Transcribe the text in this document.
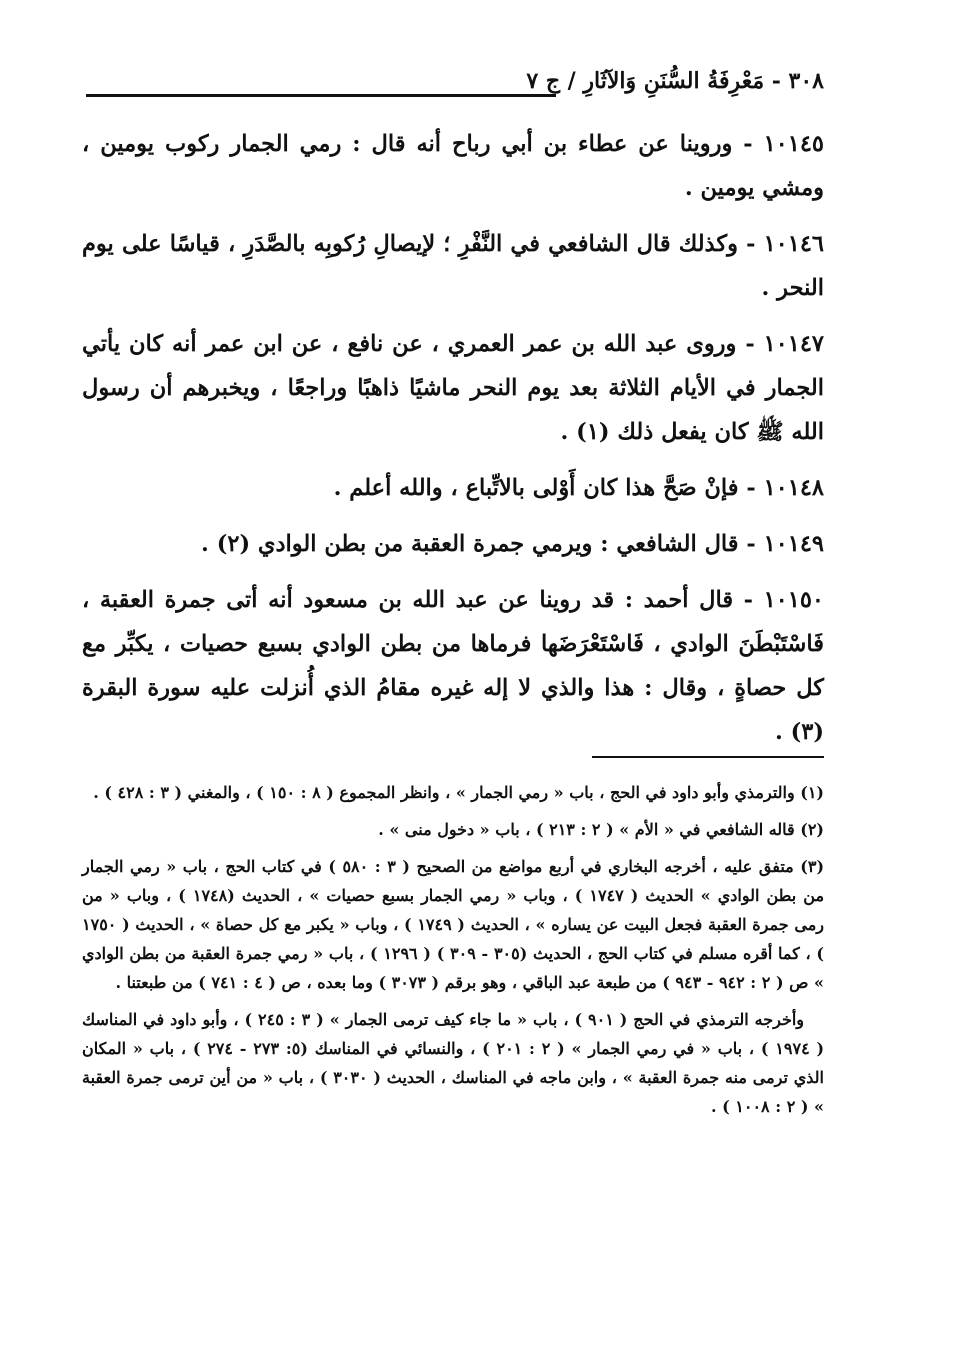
٣٠٨ - مَعْرِفَةُ السُّنَنِ وَالآثَارِ / ج ٧

١٠١٤٥ - وروينا عن عطاء بن أبي رباح أنه قال : رمي الجمار ركوب يومين ، ومشي يومين .

١٠١٤٦ - وكذلك قال الشافعي في النَّفْرِ ؛ لإيصالِ رُكوبِه بالصَّدَرِ ، قياسًا على يوم النحر .

١٠١٤٧ - وروى عبد الله بن عمر العمري ، عن نافع ، عن ابن عمر أنه كان يأتي الجمار في الأيام الثلاثة بعد يوم النحر ماشيًا ذاهبًا وراجعًا ، ويخبرهم أن رسول الله ﷺ كان يفعل ذلك (١) .

١٠١٤٨ - فإنْ صَحَّ هذا كان أَوْلى بالاتِّباع ، والله أعلم .

١٠١٤٩ - قال الشافعي : ويرمي جمرة العقبة من بطن الوادي (٢) .

١٠١٥٠ - قال أحمد : قد روينا عن عبد الله بن مسعود أنه أتى جمرة العقبة ، فَاسْتَبْطَنَ الوادي ، فَاسْتَعْرَضَها فرماها من بطن الوادي بسبع حصيات ، يكبِّر مع كل حصاةٍ ، وقال : هذا والذي لا إله غيره مقامُ الذي أُنزلت عليه سورة البقرة (٣) .

(١) والترمذي وأبو داود في الحج ، باب « رمي الجمار » ، وانظر المجموع ( ٨ : ١٥٠ ) ، والمغني ( ٣ : ٤٢٨ ) .

(٢) قاله الشافعي في « الأم » ( ٢ : ٢١٣ ) ، باب « دخول منى » .

(٣) متفق عليه ، أخرجه البخاري في أربع مواضع من الصحيح ( ٣ : ٥٨٠ ) في كتاب الحج ، باب « رمي الجمار من بطن الوادي » الحديث ( ١٧٤٧ ) ، وباب « رمي الجمار بسبع حصيات » ، الحديث (١٧٤٨ ) ، وباب « من رمى جمرة العقبة فجعل البيت عن يساره » ، الحديث ( ١٧٤٩ ) ، وباب « يكبر مع كل حصاة » ، الحديث ( ١٧٥٠ ) ، كما أقره مسلم في كتاب الحج ، الحديث (٣٠٥ - ٣٠٩ ) ( ١٢٩٦ ) ، باب « رمي جمرة العقبة من بطن الوادي » ص ( ٢ : ٩٤٢ - ٩٤٣ ) من طبعة عبد الباقي ، وهو برقم ( ٣٠٧٣ ) وما بعده ، ص ( ٤ : ٧٤١ ) من طبعتنا .

وأخرجه الترمذي في الحج ( ٩٠١ ) ، باب « ما جاء كيف ترمى الجمار » ( ٣ : ٢٤٥ ) ، وأبو داود في المناسك ( ١٩٧٤ ) ، باب « في رمي الجمار » ( ٢ : ٢٠١ ) ، والنسائي في المناسك (٥: ٢٧٣ - ٢٧٤ ) ، باب « المكان الذي ترمى منه جمرة العقبة » ، وابن ماجه في المناسك ، الحديث ( ٣٠٣٠ ) ، باب « من أين ترمى جمرة العقبة » ( ٢ : ١٠٠٨ ) .
